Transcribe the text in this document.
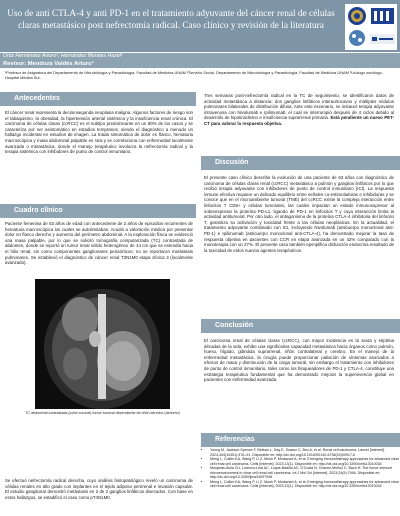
Uso de anti CTLA-4 y anti PD-1 en el tratamiento adyuvante del cáncer renal de células claras metastásico post nefrectomía radical. Caso clínico y revisión de la literatura
Ortiz Hernández Arturo¹; Hernández Morales Hazel²
Revisor: Mendoza Valdés Arturo³
¹Profesor de Asignatura del Departamento de Microbiología y Parasitología, Facultad de Medicina UNAM ²Servicio Social, Departamento de Microbiología y Parasitología, Facultad de Medicina UNAM ³Urólogo oncólogo, Hospital Médica Sur.
Antecedentes
El cáncer renal representa la decimosegunda neoplasia maligna. Algunos factores de riesgo son el tabaquismo, la obesidad, la hipertensión arterial sistémica y la insuficiencia renal crónica. El carcinoma de células claras (ccRCC) es el subtipo predominante en un 80% de los casos y se caracteriza por ser asintomático en estadios tempranos, siendo el diagnóstico a menudo un hallazgo incidental en estudios de imagen. La triada sintomática de dolor en flanco, hematuria macroscópica y masa abdominal palpable es rara y se correlaciona con enfermedad localmente avanzada o metastásica, donde el manejo terapéutico involucra la nefrectomía radical y la terapia sistémica con inhibidores de punto de control inmunitario.
Cuadro clínico
Paciente femenina de 63 años de edad con antecedente de 2 años de episodios recurrentes de hematuria macroscópica los cuales se autolimitaban. Acudió a valoración médica por presentar dolor en flanco derecho y aumento del perímetro abdominal. A la exploración física se evidenció una masa palpable, por lo que se solicitó tomografía computarizada (TC) contrastada de abdomen, donde se reportó un tumor renal sólido heterogéneo de 14 cm que se extendía hacia el hilio renal, sin como componentes ganglionares periaórticos; no se reportaron metástasis pulmonares. Se estableció el diagnóstico de cáncer renal T3N1M0 etapa clínica 3 (localmente avanzado).
TC abdominal contrastada (corte coronal) tumor tumoral dependiente de riñón derecho (derecho)
Se efectuó nefrectomía radical derecha, cuyo análisis histopatológico reveló un carcinoma de células renales en alto grado con implantes en el tejido adiposo perirrenal e invasión capsular. El estudio ganglionar demostró metástasis en 2 de 2 ganglios linfáticos disecados. Con base en estos hallazgos, se estadificó el caso como pT4N1M0.
Tres semanas post-nefrectomía radical en la TC de seguimiento, se identificaron datos de actividad metastásica a distancia: dos ganglios linfáticos interaortocavos y múltiples nódulos pulmonares bilaterales de distribución difusa. Ante este escenario, se instauró terapia adyuvante intravenosa con Nivolumab e Ipilimumab, el cual se interrumpió después de 4 ciclos debido al desarrollo de hipotiroidismo e insuficiencia suprarrenal primaria. Está pendiente un nuevo PET-CT para valorar la respuesta objetiva.
Discusión
El presente caso clínico describe la evolución de una paciente de 63 años con diagnóstico de carcinoma de células claras renal (ccRCC) metastásico a pulmón y ganglios linfáticos por lo que recibió terapia adyuvante con inhibidores de punto de control inmunitario (ICI). La respuesta inmune efectiva requiere un delicado equilibrio entre señales co-estimuladoras e inhibidoras y se conoce que en el microambiente tumoral (TME) del ccRCC existe la compleja interacción entre linfocitos T CD8+ y células tumorales, las cuales impactan un estado inmunosupresor al sobreexpresar la proteína PD-L1, ligando de PD-1 en linfocitos T y cuya interacción limita la actividad antitumoral. Por otro lado, el antagonismo de la proteína CTLA-4 inhibitoria del linfocito T, garantiza su activación y toxicidad frente a las células neoplásicas. En la actualidad, el tratamiento adyuvante combinado con ICI, incluyendo Nivolumab (anticuerpo monoclonal anti-PD-1) e Ipilimumab (anticuerpo monoclonal anti-CTLA-4), ha demostrado mejorar la tasa de respuesta objetiva en pacientes con CCR en etapa avanzada en un 42% comparado con la monoterapia con un 27%. El presente caso también ejemplifica disfunción endocrina resultado de la toxicidad de estos nuevos agentes terapéuticos.
Conclusión
El carcinoma renal de células claras (ccRCC), con mayor incidencia en la sexta y séptima décadas de la vida, exhibe una significativa capacidad metastásica hacia órganos como pulmón, hueso, hígado, glándula suprarrenal, riñón contralateral y cerebro. En el manejo de la enfermedad metastásica, la cirugía puede proporcionar paliación de síntomas asociados a efectos de masa y disminución de la carga tumoral, sin embargo el tratamiento con inhibidores de punto de control inmunitario, tales como los bloqueadores de PD-1 y CTLA-4, constituye una estrategia terapéutica fundamental que ha demostrado mejorar la supervivencia global en pacientes con enfermedad avanzada.
Referencias
• Young M, Jackson-Spence F, Beltran L, Day E, Suarez C, Bex A, et al. Renal cell carcinoma. Lancet [Internet]. 2024;404(10451):476–91. Disponible en: http://dx.doi.org/10.1016/S0140-6736(24)00917-6
• Meng L, Collier KA, Wang P, Li Z, Monk P, Mortazavi A, et al. Emerging immunotherapy approaches for advanced clear cell renal cell carcinoma. Cells [Internet]. 2023;13(1). Disponible en: http://dx.doi.org/10.3390/cells13010034
• Monjaras-Ávila CU, Lorenzo-Leal AC, Luque-Badillo AC, D'Costa N, Chavez-Muñoz C, Bach H. The tumor immune microenvironment in clear cell renal cell carcinoma. Int J Mol Sci [Internet]. 2023;24(9):7946. Disponible en: http://dx.doi.org/10.3390/ijms24097946
• Meng L, Collier KA, Wang P, Li Z, Monk P, Mortazavi A, et al. Emerging immunotherapy approaches for advanced clear cell renal cell carcinoma. Cells [Internet]. 2023;13(1). Disponible en: http://dx.doi.org/10.3390/cells13010034
